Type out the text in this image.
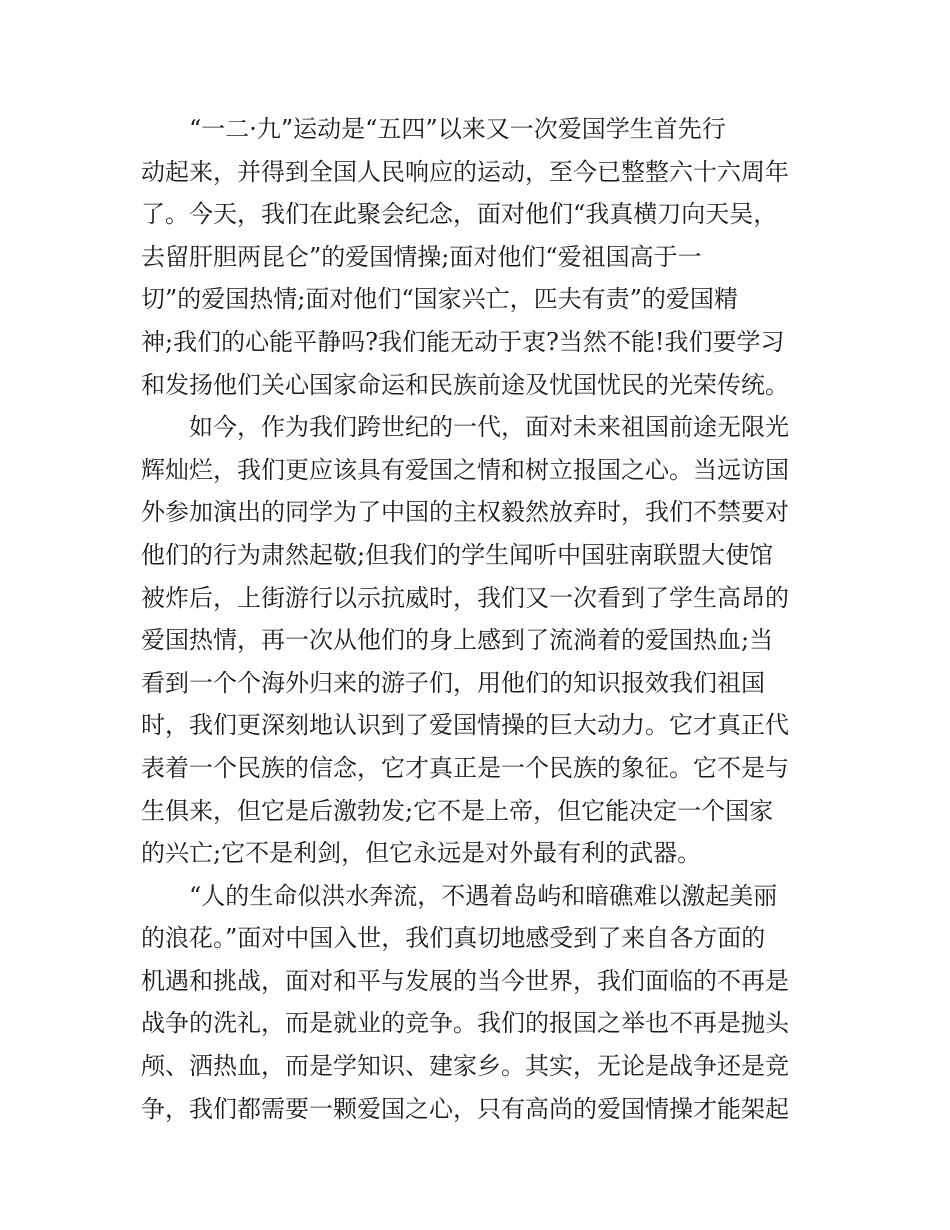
“一二·九”运动是“五四”以来又一次爱国学生首先行
动起来，并得到全国人民响应的运动，至今已整整六十六周年
了。今天，我们在此聚会纪念，面对他们“我真横刀向天吴，
去留肝胆两昆仑”的爱国情操;面对他们“爱祖国高于一
切”的爱国热情;面对他们“国家兴亡，匹夫有责”的爱国精
神;我们的心能平静吗?我们能无动于衷?当然不能!我们要学习
和发扬他们关心国家命运和民族前途及忧国忧民的光荣传统。
如今，作为我们跨世纪的一代，面对未来祖国前途无限光
辉灿烂，我们更应该具有爱国之情和树立报国之心。当远访国
外参加演出的同学为了中国的主权毅然放弃时，我们不禁要对
他们的行为肃然起敬;但我们的学生闻听中国驻南联盟大使馆
被炸后，上街游行以示抗威时，我们又一次看到了学生高昂的
爱国热情，再一次从他们的身上感到了流淌着的爱国热血;当
看到一个个海外归来的游子们，用他们的知识报效我们祖国
时，我们更深刻地认识到了爱国情操的巨大动力。它才真正代
表着一个民族的信念，它才真正是一个民族的象征。它不是与
生俱来，但它是后激勃发;它不是上帝，但它能决定一个国家
的兴亡;它不是利剑，但它永远是对外最有利的武器。
“人的生命似洪水奔流，不遇着岛屿和暗礁难以激起美丽
的浪花。”面对中国入世，我们真切地感受到了来自各方面的
机遇和挑战，面对和平与发展的当今世界，我们面临的不再是
战争的洗礼，而是就业的竞争。我们的报国之举也不再是抛头
颅、洒热血，而是学知识、建家乡。其实，无论是战争还是竞
争，我们都需要一颗爱国之心，只有高尚的爱国情操才能架起
